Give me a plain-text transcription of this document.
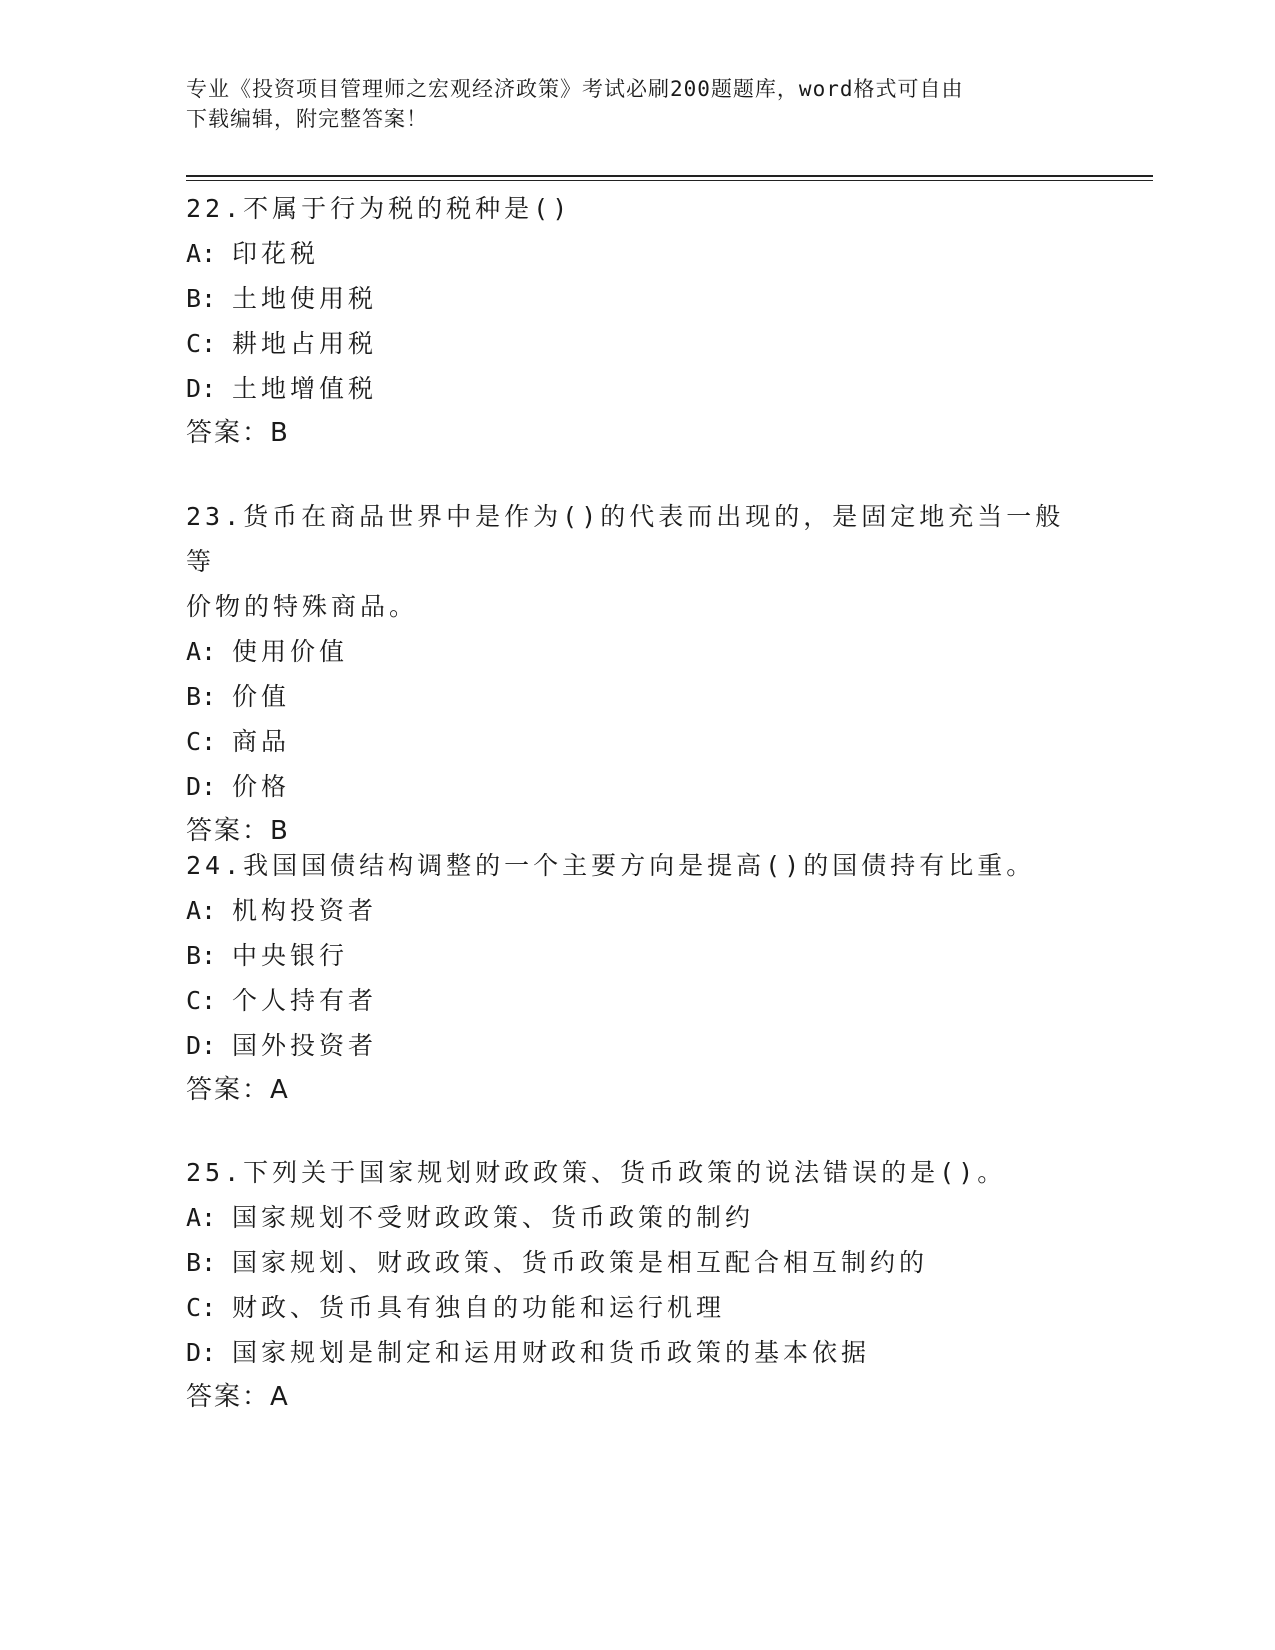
专业《投资项目管理师之宏观经济政策》考试必刷200题题库，word格式可自由
下载编辑，附完整答案！

22.不属于行为税的税种是()

A: 印花税

B: 土地使用税

C: 耕地占用税

D: 土地增值税

答案：B

23.货币在商品世界中是作为()的代表而出现的，是固定地充当一般等

价物的特殊商品。

A: 使用价值

B: 价值

C: 商品

D: 价格

答案：B

24.我国国债结构调整的一个主要方向是提高()的国债持有比重。

A: 机构投资者

B: 中央银行

C: 个人持有者

D: 国外投资者

答案：A

25.下列关于国家规划财政政策、货币政策的说法错误的是()。

A: 国家规划不受财政政策、货币政策的制约

B: 国家规划、财政政策、货币政策是相互配合相互制约的

C: 财政、货币具有独自的功能和运行机理

D: 国家规划是制定和运用财政和货币政策的基本依据

答案：A
